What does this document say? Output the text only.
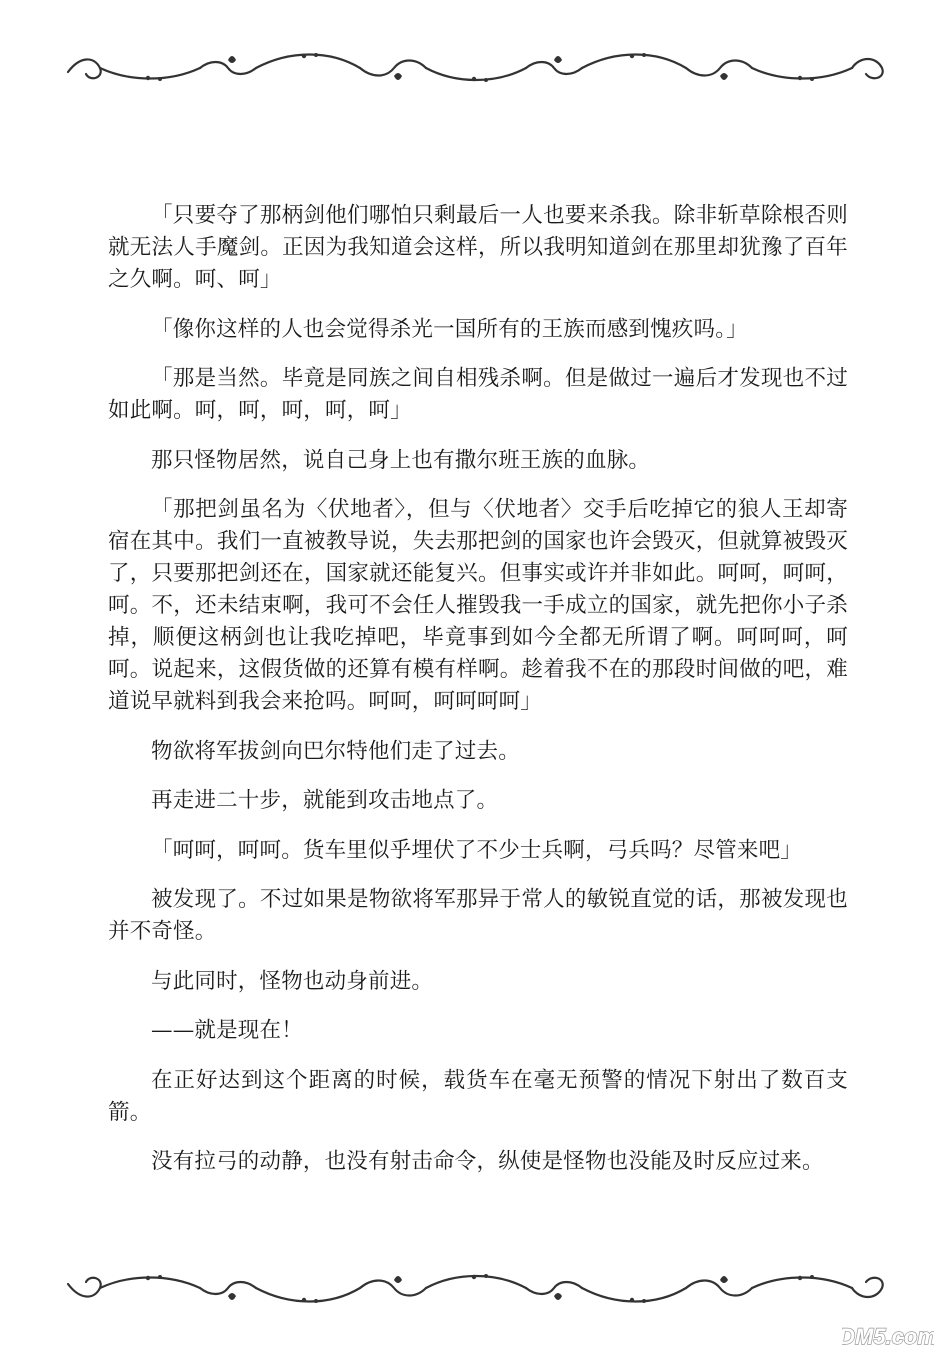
「只要夺了那柄剑他们哪怕只剩最后一人也要来杀我。除非斩草除根否则就无法人手魔剑。正因为我知道会这样，所以我明知道剑在那里却犹豫了百年之久啊。呵、呵」

「像你这样的人也会觉得杀光一国所有的王族而感到愧疚吗。」

「那是当然。毕竟是同族之间自相残杀啊。但是做过一遍后才发现也不过如此啊。呵，呵，呵，呵，呵」

那只怪物居然，说自己身上也有撒尔班王族的血脉。

「那把剑虽名为〈伏地者〉，但与〈伏地者〉交手后吃掉它的狼人王却寄宿在其中。我们一直被教导说，失去那把剑的国家也许会毁灭，但就算被毁灭了，只要那把剑还在，国家就还能复兴。但事实或许并非如此。呵呵，呵呵，呵。不，还未结束啊，我可不会任人摧毁我一手成立的国家，就先把你小子杀掉，顺便这柄剑也让我吃掉吧，毕竟事到如今全都无所谓了啊。呵呵呵，呵呵。说起来，这假货做的还算有模有样啊。趁着我不在的那段时间做的吧，难道说早就料到我会来抢吗。呵呵，呵呵呵呵」

物欲将军拔剑向巴尔特他们走了过去。

再走进二十步，就能到攻击地点了。

「呵呵，呵呵。货车里似乎埋伏了不少士兵啊，弓兵吗？尽管来吧」

被发现了。不过如果是物欲将军那异于常人的敏锐直觉的话，那被发现也并不奇怪。

与此同时，怪物也动身前进。

——就是现在！

在正好达到这个距离的时候，载货车在毫无预警的情况下射出了数百支箭。

没有拉弓的动静，也没有射击命令，纵使是怪物也没能及时反应过来。

DM5.com
